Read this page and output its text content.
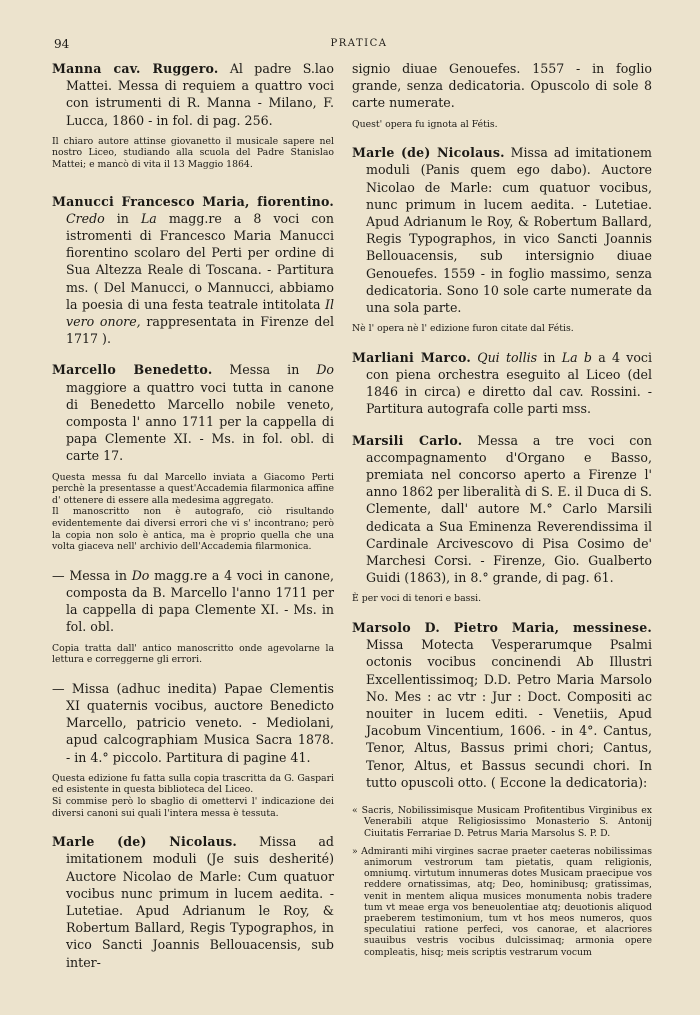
94	PRATICA

Manna cav. Ruggero. Al padre S.lao Mattei. Messa di requiem a quattro voci con istrumenti di R. Manna - Milano, F. Lucca, 1860 - in fol. di pag. 256.

Il chiaro autore attinse giovanetto il musicale sapere nel nostro Liceo, studiando alla scuola del Padre Stanislao Mattei; e mancò di vita il 13 Maggio 1864.

Manucci Francesco Maria, fiorentino. Credo in La magg.re a 8 voci con istromenti di Francesco Maria Manucci fiorentino scolaro del Perti per ordine di Sua Altezza Reale di Toscana. - Partitura ms. ( Del Manucci, o Mannucci, abbiamo la poesia di una festa teatrale intitolata Il vero onore, rappresentata in Firenze del 1717 ).

Marcello Benedetto. Messa in Do maggiore a quattro voci tutta in canone di Benedetto Marcello nobile veneto, composta l' anno 1711 per la cappella di papa Clemente XI. - Ms. in fol. obl. di carte 17.

Questa messa fu dal Marcello inviata a Giacomo Perti perchè la presentasse a quest'Accademia filarmonica affine d' ottenere di essere alla medesima aggregato.

Il manoscritto non è autografo, ciò risultando evidentemente dai diversi errori che vi s' incontrano; però la copia non solo è antica, ma è proprio quella che una volta giaceva nell' archivio dell'Accademia filarmonica.

— Messa in Do magg.re a 4 voci in canone, composta da B. Marcello l'anno 1711 per la cappella di papa Clemente XI. - Ms. in fol. obl.

Copia tratta dall' antico manoscritto onde agevolarne la lettura e correggerne gli errori.

— Missa (adhuc inedita) Papae Clementis XI quaternis vocibus, auctore Benedicto Marcello, patricio veneto. - Mediolani, apud calcographiam Musica Sacra 1878. - in 4.° piccolo. Partitura di pagine 41.

Questa edizione fu fatta sulla copia trascritta da G. Gaspari ed esistente in questa biblioteca del Liceo.

Si commise però lo sbaglio di omettervi l' indicazione dei diversi canoni sui quali l'intera messa è tessuta.

Marle (de) Nicolaus. Missa ad imitationem moduli (Je suis desherité) Auctore Nicolao de Marle: Cum quatuor vocibus nunc primum in lucem aedita. - Lutetiae. Apud Adrianum le Roy, & Robertum Ballard, Regis Typographos, in vico Sancti Joannis Bellouacensis, sub inter-

signio diuae Genouefes. 1557 - in foglio grande, senza dedicatoria. Opuscolo di sole 8 carte numerate.

Quest' opera fu ignota al Fétis.

Marle (de) Nicolaus. Missa ad imitationem moduli (Panis quem ego dabo). Auctore Nicolao de Marle: cum quatuor vocibus, nunc primum in lucem aedita. - Lutetiae. Apud Adrianum le Roy, & Robertum Ballard, Regis Typographos, in vico Sancti Joannis Bellouacensis, sub intersignio diuae Genouefes. 1559 - in foglio massimo, senza dedicatoria. Sono 10 sole carte numerate da una sola parte.

Nè l' opera nè l' edizione furon citate dal Fétis.

Marliani Marco. Qui tollis in La b a 4 voci con piena orchestra eseguito al Liceo (del 1846 in circa) e diretto dal cav. Rossini. - Partitura autografa colle parti mss.

Marsili Carlo. Messa a tre voci con accompagnamento d'Organo e Basso, premiata nel concorso aperto a Firenze l' anno 1862 per liberalità di S. E. il Duca di S. Clemente, dall' autore M.° Carlo Marsili dedicata a Sua Eminenza Reverendissima il Cardinale Arcivescovo di Pisa Cosimo de' Marchesi Corsi. - Firenze, Gio. Gualberto Guidi (1863), in 8.° grande, di pag. 61.

È per voci di tenori e bassi.

Marsolo D. Pietro Maria, messinese. Missa Motecta Vesperarumque Psalmi octonis vocibus concinendi Ab Illustri Excellentissimoq; D.D. Petro Maria Marsolo No. Mes : ac vtr : Jur : Doct. Compositi ac nouiter in lucem editi. - Venetiis, Apud Jacobum Vincentium, 1606. - in 4°. Cantus, Tenor, Altus, Bassus primi chori; Cantus, Tenor, Altus, et Bassus secundi chori. In tutto opuscoli otto. ( Eccone la dedicatoria):

« Sacris, Nobilissimisque Musicam Profitentibus Virginibus ex Venerabili atque Religiosissimo Monasterio S. Antonij Ciuitatis Ferrariae D. Petrus Maria Marsolus S. P. D.

» Admiranti mihi virgines sacrae praeter caeteras nobilissimas animorum vestrorum tam pietatis, quam religionis, omniumq. virtutum innumeras dotes Musicam praecipue vos reddere ornatissimas, atq; Deo, hominibusq; gratissimas, venit in mentem aliqua musices monumenta nobis tradere tum vt meae erga vos beneuolentiae atq; deuotionis aliquod praeberem testimonium, tum vt hos meos numeros, quos speculatiui ratione perfeci, vos canorae, et alacriores suauibus vestris vocibus dulcissimaq; armonia opere compleatis, hisq; meis scriptis vestrarum vocum
